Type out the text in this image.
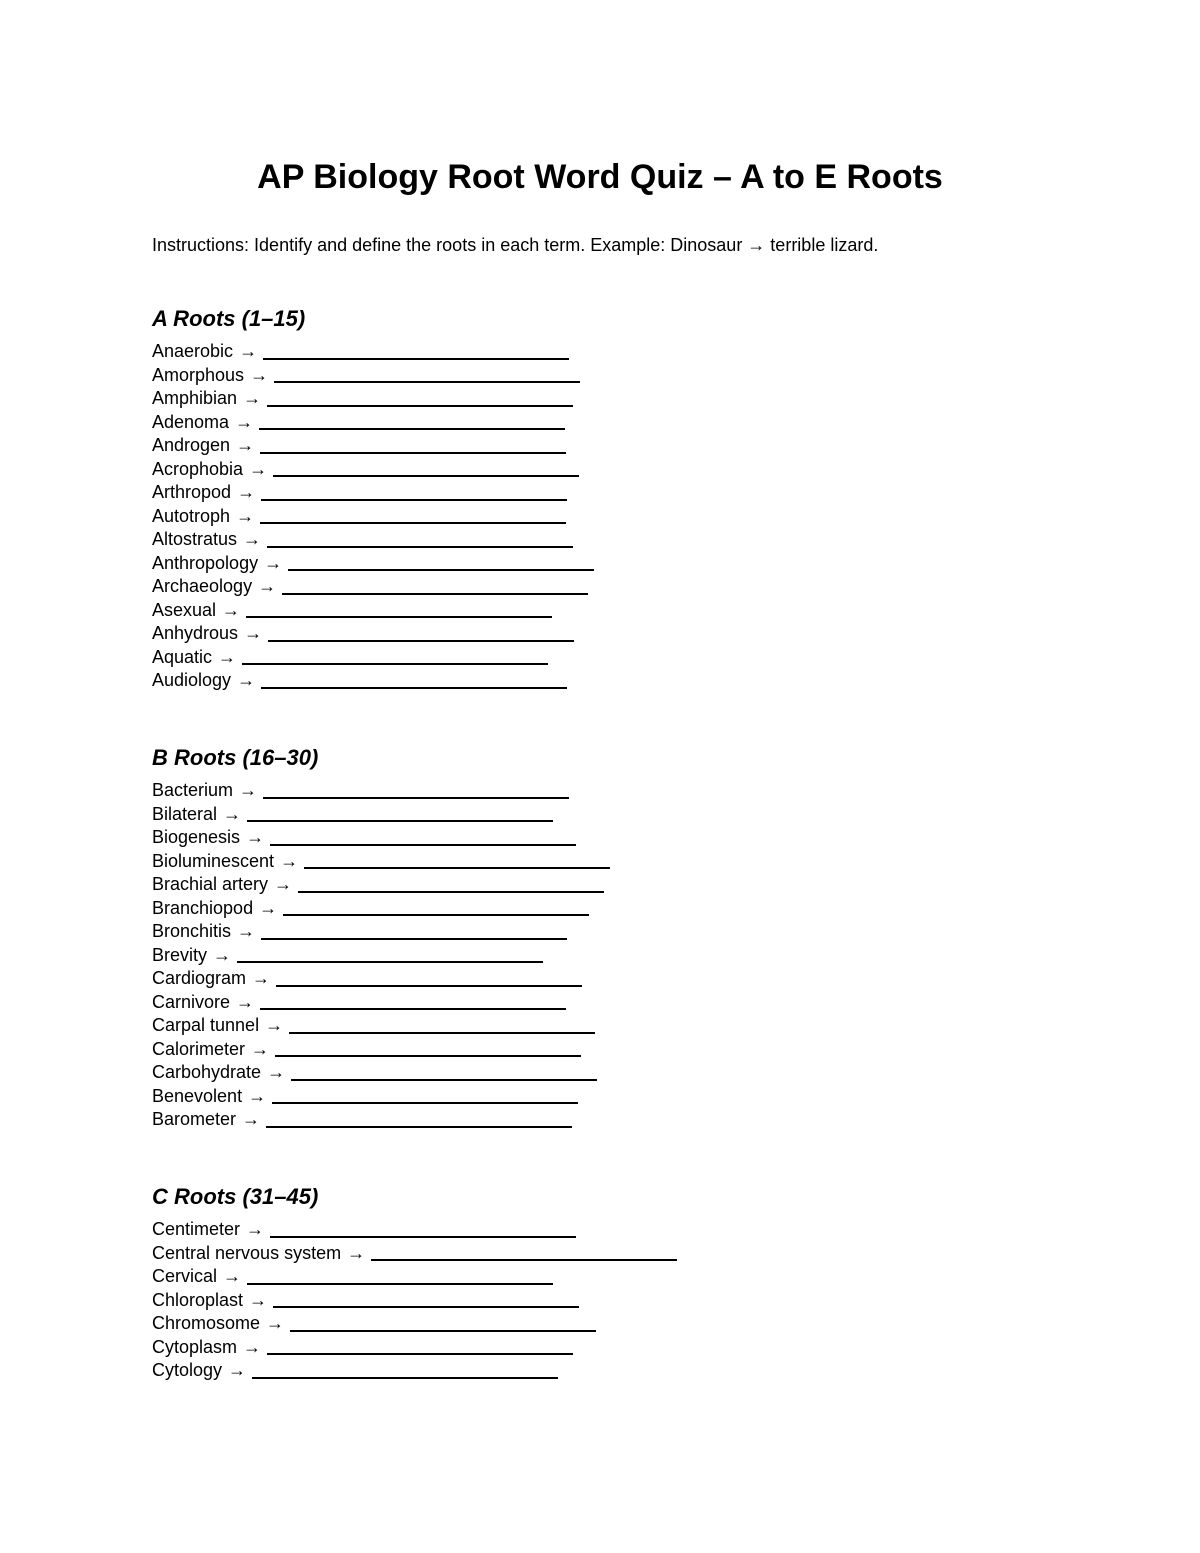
AP Biology Root Word Quiz – A to E Roots

Instructions: Identify and define the roots in each term. Example: Dinosaur → terrible lizard.

A Roots (1–15)
Anaerobic →
Amorphous →
Amphibian →
Adenoma →
Androgen →
Acrophobia →
Arthropod →
Autotroph →
Altostratus →
Anthropology →
Archaeology →
Asexual →
Anhydrous →
Aquatic →
Audiology →
B Roots (16–30)
Bacterium →
Bilateral →
Biogenesis →
Bioluminescent →
Brachial artery →
Branchiopod →
Bronchitis →
Brevity →
Cardiogram →
Carnivore →
Carpal tunnel →
Calorimeter →
Carbohydrate →
Benevolent →
Barometer →
C Roots (31–45)
Centimeter →
Central nervous system →
Cervical →
Chloroplast →
Chromosome →
Cytoplasm →
Cytology →
